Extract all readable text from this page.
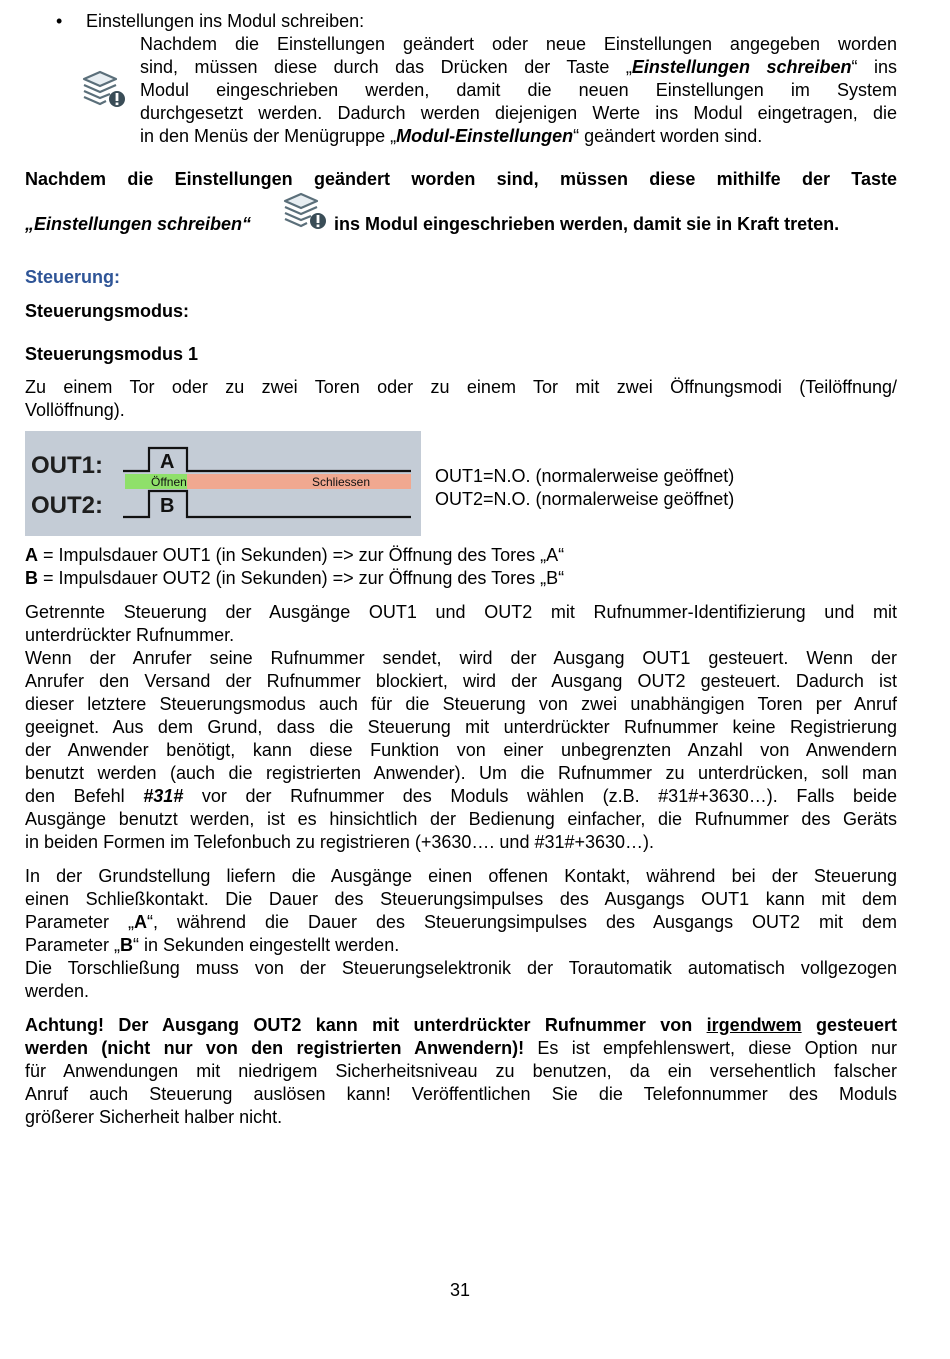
• Einstellungen ins Modul schreiben:
Nachdem die Einstellungen geändert oder neue Einstellungen angegeben worden
sind, müssen diese durch das Drücken der Taste „Einstellungen schreiben“ ins
Modul eingeschrieben werden, damit die neuen Einstellungen im System
durchgesetzt werden. Dadurch werden diejenigen Werte ins Modul eingetragen, die
in den Menüs der Menügruppe „Modul-Einstellungen“ geändert worden sind.
Nachdem die Einstellungen geändert worden sind, müssen diese mithilfe der Taste
„Einstellungen schreiben“	ins Modul eingeschrieben werden, damit sie in Kraft treten.
Steuerung:
Steuerungsmodus:
Steuerungsmodus 1
Zu einem Tor oder zu zwei Toren oder zu einem Tor mit zwei Öffnungsmodi (Teilöffnung/
Vollöffnung).
OUT1:
OUT2:
Öffnen	Schliessen
A
B
OUT1=N.O. (normalerweise geöffnet)
OUT2=N.O. (normalerweise geöffnet)
A = Impulsdauer OUT1 (in Sekunden) => zur Öffnung des Tores „A“
B = Impulsdauer OUT2 (in Sekunden) => zur Öffnung des Tores „B“
Getrennte Steuerung der Ausgänge OUT1 und OUT2 mit Rufnummer-Identifizierung und mit
unterdrückter Rufnummer.
Wenn der Anrufer seine Rufnummer sendet, wird der Ausgang OUT1 gesteuert. Wenn der
Anrufer den Versand der Rufnummer blockiert, wird der Ausgang OUT2 gesteuert. Dadurch ist
dieser letztere Steuerungsmodus auch für die Steuerung von zwei unabhängigen Toren per Anruf
geeignet. Aus dem Grund, dass die Steuerung mit unterdrückter Rufnummer keine Registrierung
der Anwender benötigt, kann diese Funktion von einer unbegrenzten Anzahl von Anwendern
benutzt werden (auch die registrierten Anwender). Um die Rufnummer zu unterdrücken, soll man
den Befehl #31# vor der Rufnummer des Moduls wählen (z.B. #31#+3630…). Falls beide
Ausgänge benutzt werden, ist es hinsichtlich der Bedienung einfacher, die Rufnummer des Geräts
in beiden Formen im Telefonbuch zu registrieren (+3630…. und #31#+3630…).
In der Grundstellung liefern die Ausgänge einen offenen Kontakt, während bei der Steuerung
einen Schließkontakt. Die Dauer des Steuerungsimpulses des Ausgangs OUT1 kann mit dem
Parameter „A“, während die Dauer des Steuerungsimpulses des Ausgangs OUT2 mit dem
Parameter „B“ in Sekunden eingestellt werden.
Die Torschließung muss von der Steuerungselektronik der Torautomatik automatisch vollgezogen
werden.
Achtung! Der Ausgang OUT2 kann mit unterdrückter Rufnummer von irgendwem gesteuert
werden (nicht nur von den registrierten Anwendern)! Es ist empfehlenswert, diese Option nur
für Anwendungen mit niedrigem Sicherheitsniveau zu benutzen, da ein versehentlich falscher
Anruf auch Steuerung auslösen kann! Veröffentlichen Sie die Telefonnummer des Moduls
größerer Sicherheit halber nicht.
31
